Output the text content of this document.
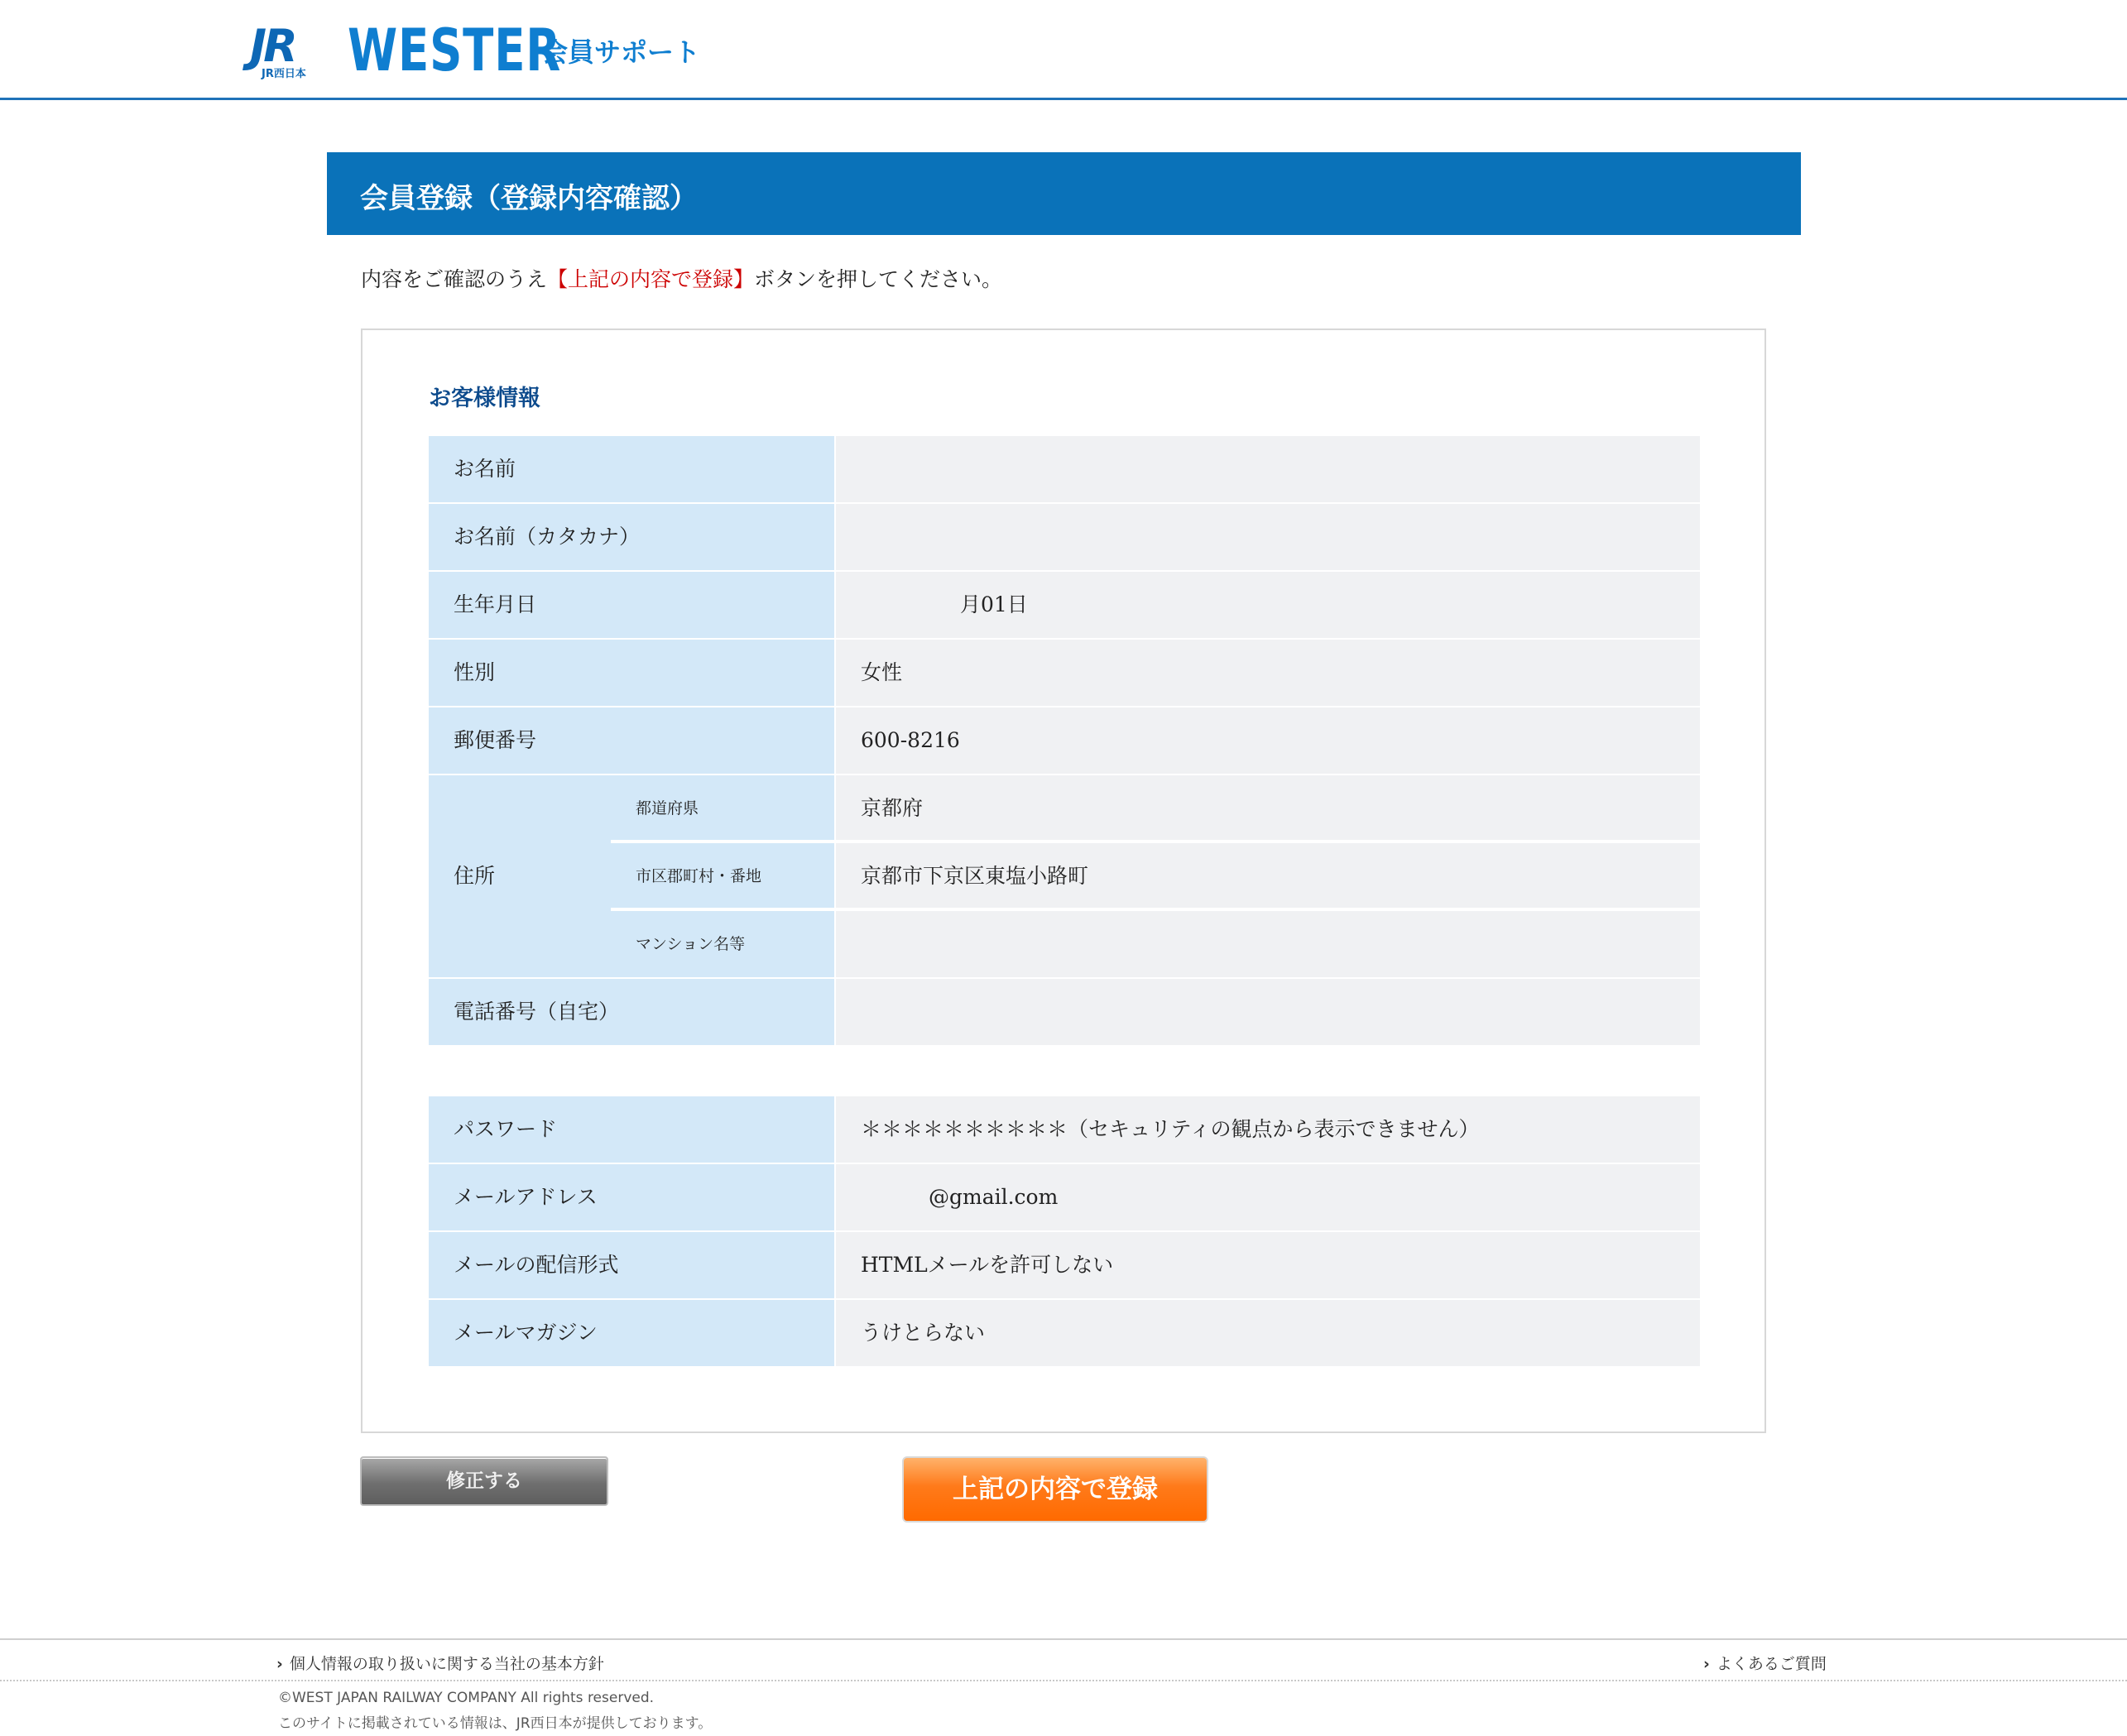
JR
JR西日本 WESTER
会員サポート
会員登録（登録内容確認）
内容をご確認のうえ【上記の内容で登録】ボタンを押してください。
お客様情報
お名前
お名前（カタカナ）
生年月日	月01日
性別	女性
郵便番号	600-8216
住所
都道府県	京都府
市区郡町村・番地	京都市下京区東塩小路町
マンション名等
電話番号（自宅）
パスワード	＊＊＊＊＊＊＊＊＊＊（セキュリティの観点から表示できません）
メールアドレス	@gmail.com
メールの配信形式	HTMLメールを許可しない
メールマガジン	うけとらない
修正する	上記の内容で登録
› 個人情報の取り扱いに関する当社の基本方針	› よくあるご質問
©WEST JAPAN RAILWAY COMPANY All rights reserved.
このサイトに掲載されている情報は、JR西日本が提供しております。
